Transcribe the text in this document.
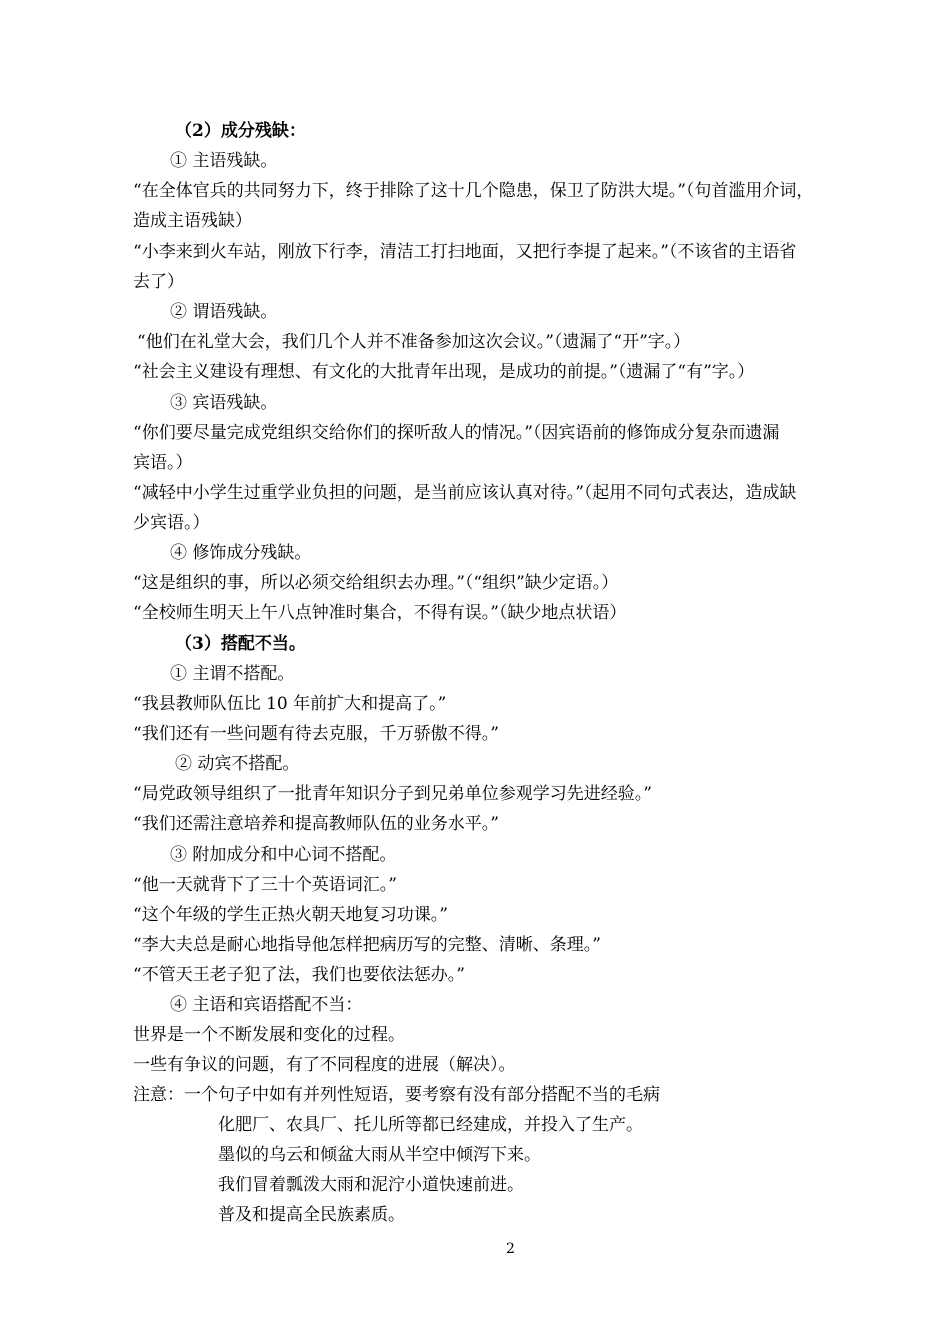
（2）成分残缺：
① 主语残缺。
“在全体官兵的共同努力下，终于排除了这十几个隐患，保卫了防洪大堤。”（句首滥用介词，
造成主语残缺）
“小李来到火车站，刚放下行李，清洁工打扫地面，又把行李提了起来。”（不该省的主语省
去了）
② 谓语残缺。
“他们在礼堂大会，我们几个人并不准备参加这次会议。”（遗漏了“开”字。）
“社会主义建设有理想、有文化的大批青年出现，是成功的前提。”（遗漏了“有”字。）
③ 宾语残缺。
“你们要尽量完成党组织交给你们的探听敌人的情况。”（因宾语前的修饰成分复杂而遗漏
宾语。）
“减轻中小学生过重学业负担的问题，是当前应该认真对待。”（起用不同句式表达，造成缺
少宾语。）
④ 修饰成分残缺。
“这是组织的事，所以必须交给组织去办理。”（“组织”缺少定语。）
“全校师生明天上午八点钟准时集合，不得有误。”（缺少地点状语）
（3）搭配不当。
① 主谓不搭配。
“我县教师队伍比 10 年前扩大和提高了。”
“我们还有一些问题有待去克服，千万骄傲不得。”
② 动宾不搭配。
“局党政领导组织了一批青年知识分子到兄弟单位参观学习先进经验。”
“我们还需注意培养和提高教师队伍的业务水平。”
③ 附加成分和中心词不搭配。
“他一天就背下了三十个英语词汇。”
“这个年级的学生正热火朝天地复习功课。”
“李大夫总是耐心地指导他怎样把病历写的完整、清晰、条理。”
“不管天王老子犯了法，我们也要依法惩办。”
④ 主语和宾语搭配不当：
世界是一个不断发展和变化的过程。
一些有争议的问题，有了不同程度的进展（解决）。
注意：一个句子中如有并列性短语，要考察有没有部分搭配不当的毛病
化肥厂、农具厂、托儿所等都已经建成，并投入了生产。
墨似的乌云和倾盆大雨从半空中倾泻下来。
我们冒着瓢泼大雨和泥泞小道快速前进。
普及和提高全民族素质。
2
